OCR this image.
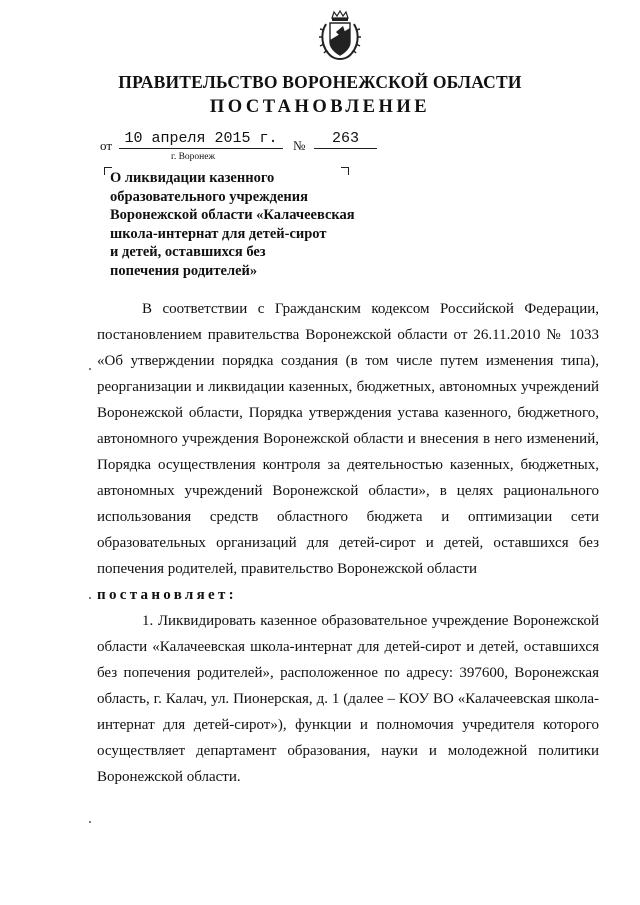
ПРАВИТЕЛЬСТВО ВОРОНЕЖСКОЙ ОБЛАСТИ
ПОСТАНОВЛЕНИЕ
от 10 апреля 2015 г.	№	263
г. Воронеж
О ликвидации казенного
образовательного учреждения
Воронежской области «Калачеевская
школа-интернат для детей-сирот
и детей, оставшихся без
попечения родителей»

В соответствии с Гражданским кодексом Российской Федерации, постановлением правительства Воронежской области от 26.11.2010 № 1033 «Об утверждении порядка создания (в том числе путем изменения типа), реорганизации и ликвидации казенных, бюджетных, автономных учреждений Воронежской области, Порядка утверждения устава казенного, бюджетного, автономного учреждения Воронежской области и внесения в него изменений, Порядка осуществления контроля за деятельностью казенных, бюджетных, автономных учреждений Воронежской области», в целях рационального использования средств областного бюджета и оптимизации сети образовательных организаций для детей-сирот и детей, оставшихся без попечения родителей, правительство Воронежской области

постановляет:

1. Ликвидировать казенное образовательное учреждение Воронежской области «Калачеевская школа-интернат для детей-сирот и детей, оставшихся без попечения родителей», расположенное по адресу: 397600, Воронежская область, г. Калач, ул. Пионерская, д. 1 (далее – КОУ ВО «Калачеевская школа-интернат для детей-сирот»), функции и полномочия учредителя которого осуществляет департамент образования, науки и молодежной политики Воронежской области.
